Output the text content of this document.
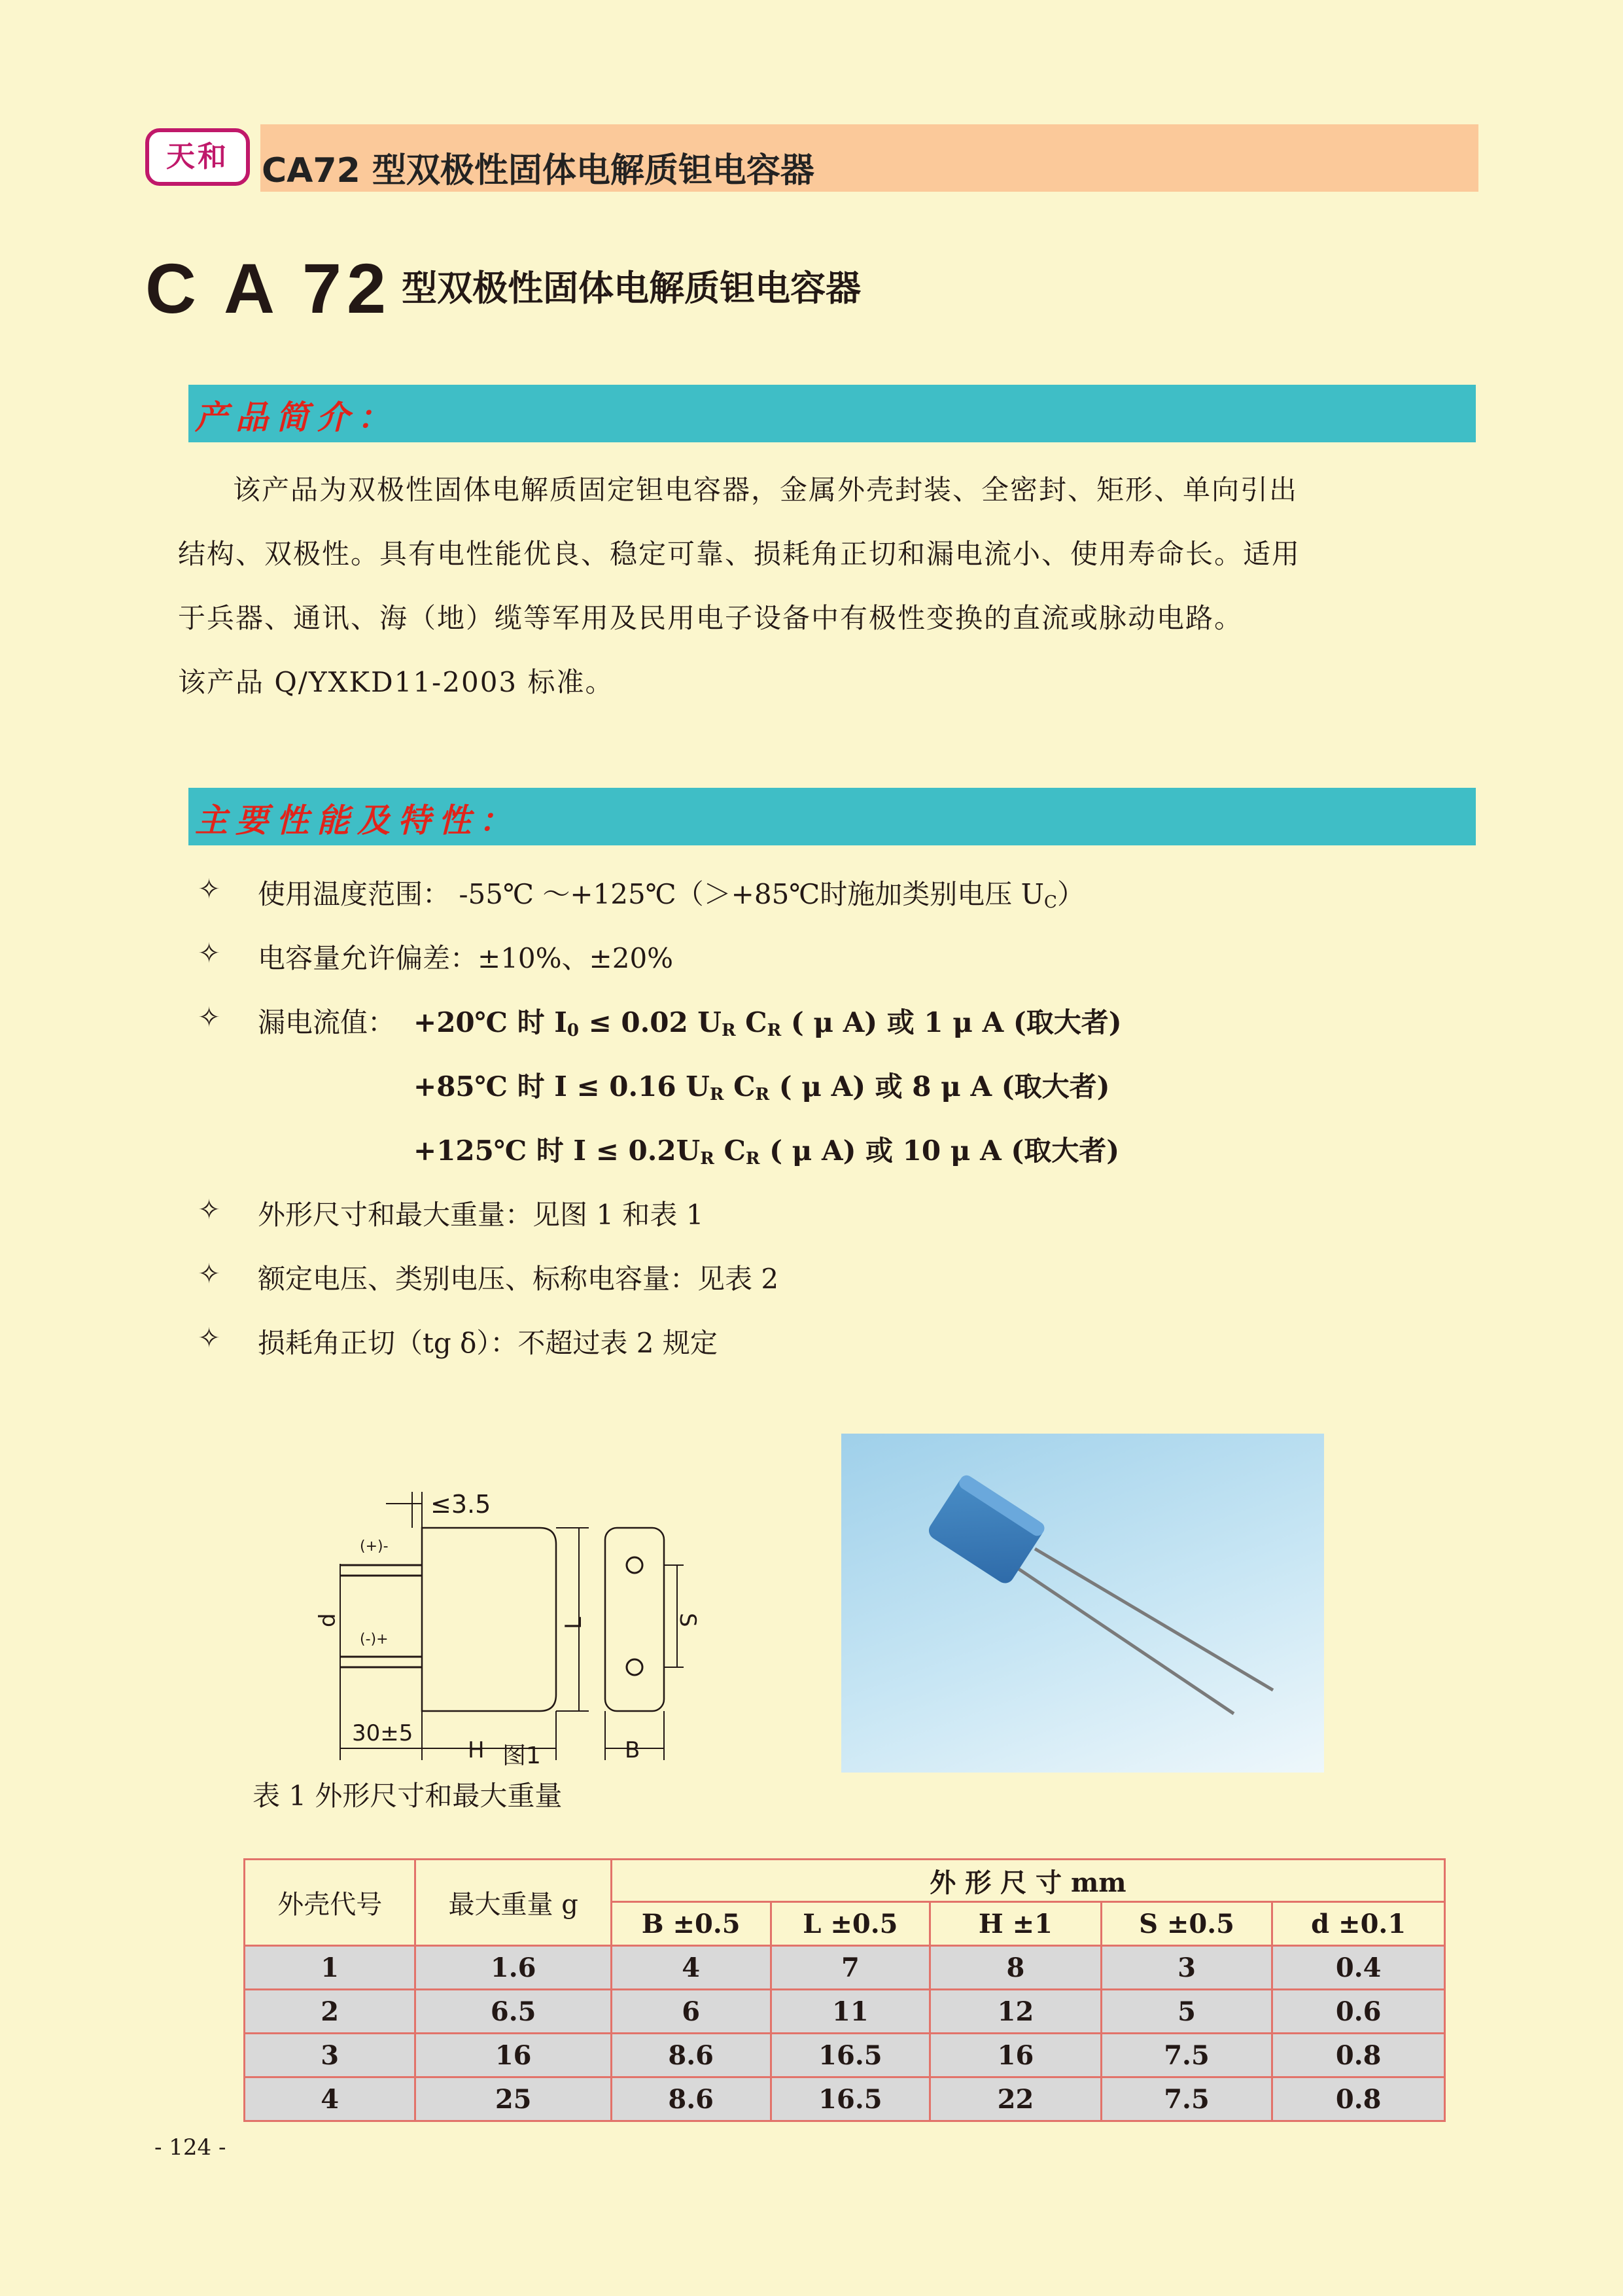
天和 CA72 型双极性固体电解质钽电容器
C A 72 型双极性固体电解质钽电容器
产品简介：
该产品为双极性固体电解质固定钽电容器，金属外壳封装、全密封、矩形、单向引出
结构、双极性。具有电性能优良、稳定可靠、损耗角正切和漏电流小、使用寿命长。适用
于兵器、通讯、海（地）缆等军用及民用电子设备中有极性变换的直流或脉动电路。
该产品 Q/YXKD11-2003 标准。
主要性能及特性：
✧ 使用温度范围： -55℃ ～+125℃（＞+85℃时施加类别电压 $U_C$）
✧ 电容量允许偏差：±10%、±20%
✧ 漏电流值： +20℃ 时 $I_0 \le 0.02$ $U_R$ $C_R$ ( μ A) 或 1 μ A (取大者)
+85℃ 时 I ≤ 0.16 $U_R$ $C_R$ ( μ A) 或 8 μ A (取大者)
+125℃ 时 $I \le 0.2U_R$ $C_R$ ( μ A) 或 10 μ A (取大者)
✧ 外形尺寸和最大重量：见图 1 和表 1
✧ 额定电压、类别电压、标称电容量：见表 2
✧ 损耗角正切（tg δ）：不超过表 2 规定
≤3.5
(+)-
(-)+
d	L	S
30±5
H	B
图1
表 1 外形尺寸和最大重量
外壳代号	最大重量 g	外 形 尺 寸 mm				
		B ±0.5	L ±0.5	H ±1	S ±0.5	d ±0.1
1	1.6	4	7	8	3	0.4
2	6.5	6	11	12	5	0.6
3	16	8.6	16.5	16	7.5	0.8
4	25	8.6	16.5	22	7.5	0.8
- 124 -
